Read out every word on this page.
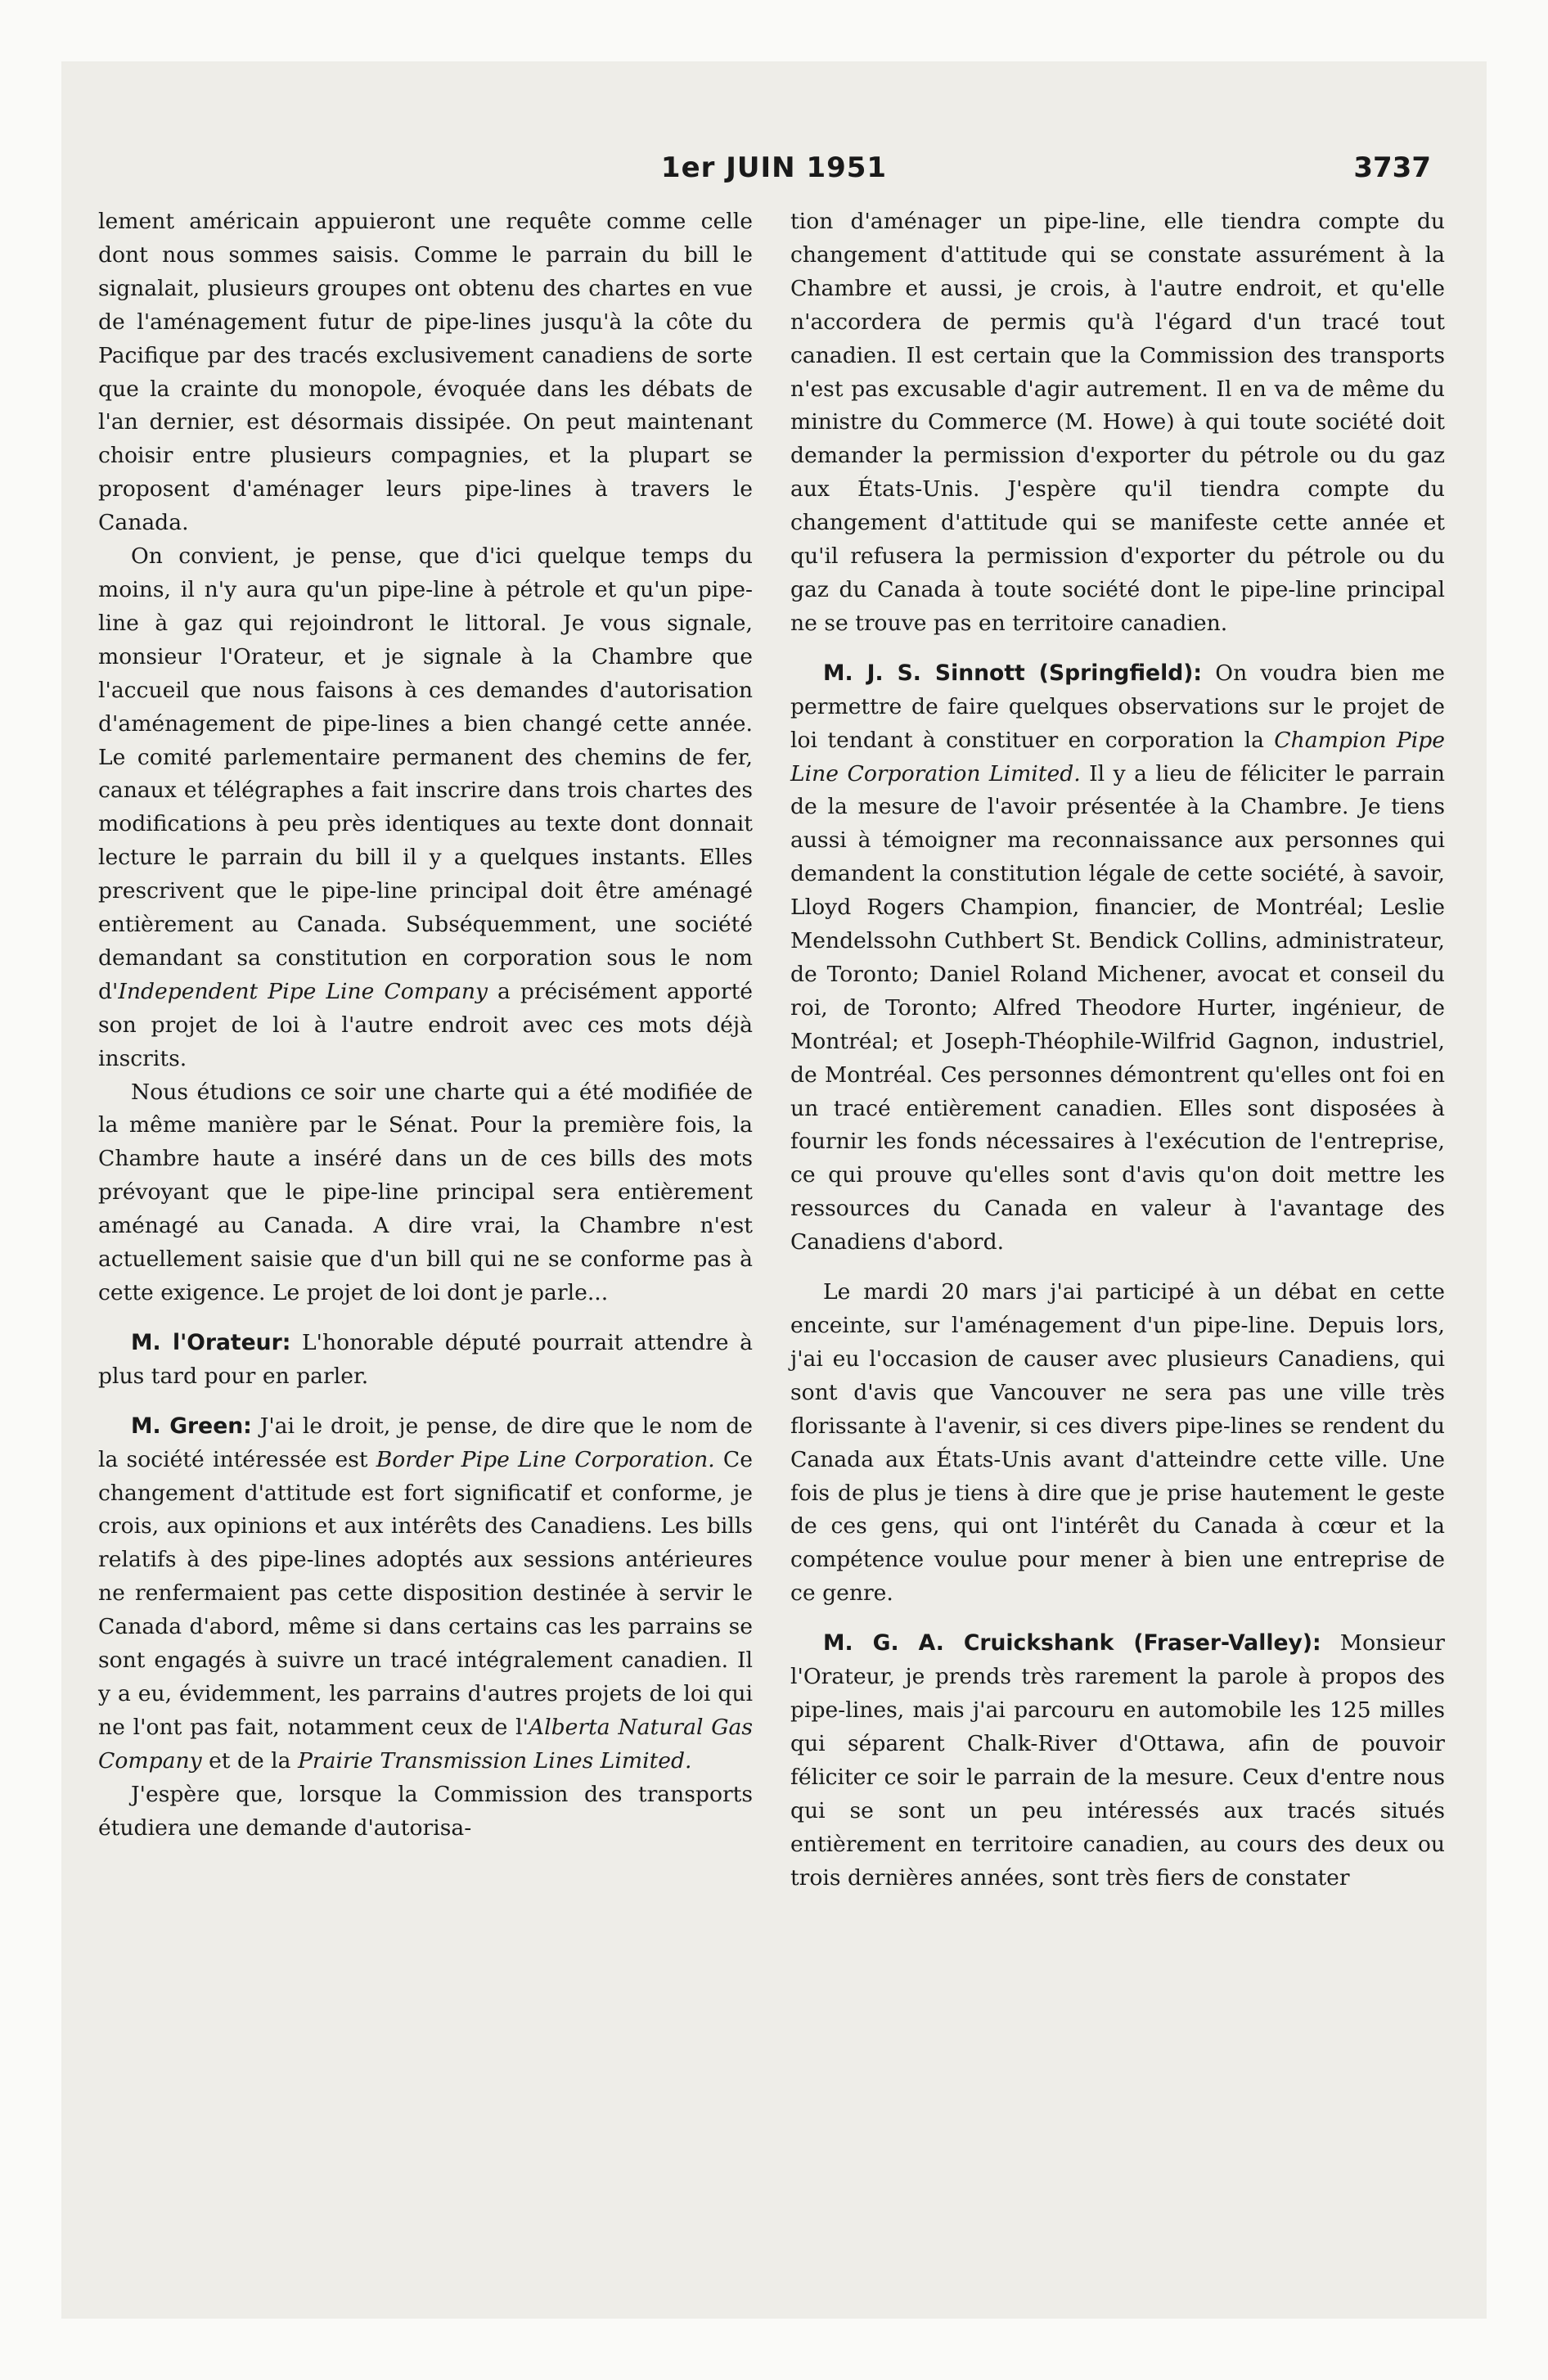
1er JUIN 1951	3737

lement américain appuieront une requête comme celle dont nous sommes saisis. Comme le parrain du bill le signalait, plusieurs groupes ont obtenu des chartes en vue de l'aménagement futur de pipe-lines jusqu'à la côte du Pacifique par des tracés exclusivement canadiens de sorte que la crainte du monopole, évoquée dans les débats de l'an dernier, est désormais dissipée. On peut maintenant choisir entre plusieurs compagnies, et la plupart se proposent d'aménager leurs pipe-lines à travers le Canada.

On convient, je pense, que d'ici quelque temps du moins, il n'y aura qu'un pipe-line à pétrole et qu'un pipe-line à gaz qui rejoindront le littoral. Je vous signale, monsieur l'Orateur, et je signale à la Chambre que l'accueil que nous faisons à ces demandes d'autorisation d'aménagement de pipe-lines a bien changé cette année. Le comité parlementaire permanent des chemins de fer, canaux et télégraphes a fait inscrire dans trois chartes des modifications à peu près identiques au texte dont donnait lecture le parrain du bill il y a quelques instants. Elles prescrivent que le pipe-line principal doit être aménagé entièrement au Canada. Subséquemment, une société demandant sa constitution en corporation sous le nom d'Independent Pipe Line Company a précisément apporté son projet de loi à l'autre endroit avec ces mots déjà inscrits.

Nous étudions ce soir une charte qui a été modifiée de la même manière par le Sénat. Pour la première fois, la Chambre haute a inséré dans un de ces bills des mots prévoyant que le pipe-line principal sera entièrement aménagé au Canada. A dire vrai, la Chambre n'est actuellement saisie que d'un bill qui ne se conforme pas à cette exigence. Le projet de loi dont je parle...

M. l'Orateur: L'honorable député pourrait attendre à plus tard pour en parler.

M. Green: J'ai le droit, je pense, de dire que le nom de la société intéressée est Border Pipe Line Corporation. Ce changement d'attitude est fort significatif et conforme, je crois, aux opinions et aux intérêts des Canadiens. Les bills relatifs à des pipe-lines adoptés aux sessions antérieures ne renfermaient pas cette disposition destinée à servir le Canada d'abord, même si dans certains cas les parrains se sont engagés à suivre un tracé intégralement canadien. Il y a eu, évidemment, les parrains d'autres projets de loi qui ne l'ont pas fait, notamment ceux de l'Alberta Natural Gas Company et de la Prairie Transmission Lines Limited.

J'espère que, lorsque la Commission des transports étudiera une demande d'autorisa-

tion d'aménager un pipe-line, elle tiendra compte du changement d'attitude qui se constate assurément à la Chambre et aussi, je crois, à l'autre endroit, et qu'elle n'accordera de permis qu'à l'égard d'un tracé tout canadien. Il est certain que la Commission des transports n'est pas excusable d'agir autrement. Il en va de même du ministre du Commerce (M. Howe) à qui toute société doit demander la permission d'exporter du pétrole ou du gaz aux États-Unis. J'espère qu'il tiendra compte du changement d'attitude qui se manifeste cette année et qu'il refusera la permission d'exporter du pétrole ou du gaz du Canada à toute société dont le pipe-line principal ne se trouve pas en territoire canadien.

M. J. S. Sinnott (Springfield): On voudra bien me permettre de faire quelques observations sur le projet de loi tendant à constituer en corporation la Champion Pipe Line Corporation Limited. Il y a lieu de féliciter le parrain de la mesure de l'avoir présentée à la Chambre. Je tiens aussi à témoigner ma reconnaissance aux personnes qui demandent la constitution légale de cette société, à savoir, Lloyd Rogers Champion, financier, de Montréal; Leslie Mendelssohn Cuthbert St. Bendick Collins, administrateur, de Toronto; Daniel Roland Michener, avocat et conseil du roi, de Toronto; Alfred Theodore Hurter, ingénieur, de Montréal; et Joseph-Théophile-Wilfrid Gagnon, industriel, de Montréal. Ces personnes démontrent qu'elles ont foi en un tracé entièrement canadien. Elles sont disposées à fournir les fonds nécessaires à l'exécution de l'entreprise, ce qui prouve qu'elles sont d'avis qu'on doit mettre les ressources du Canada en valeur à l'avantage des Canadiens d'abord.

Le mardi 20 mars j'ai participé à un débat en cette enceinte, sur l'aménagement d'un pipe-line. Depuis lors, j'ai eu l'occasion de causer avec plusieurs Canadiens, qui sont d'avis que Vancouver ne sera pas une ville très florissante à l'avenir, si ces divers pipe-lines se rendent du Canada aux États-Unis avant d'atteindre cette ville. Une fois de plus je tiens à dire que je prise hautement le geste de ces gens, qui ont l'intérêt du Canada à cœur et la compétence voulue pour mener à bien une entreprise de ce genre.

M. G. A. Cruickshank (Fraser-Valley): Monsieur l'Orateur, je prends très rarement la parole à propos des pipe-lines, mais j'ai parcouru en automobile les 125 milles qui séparent Chalk-River d'Ottawa, afin de pouvoir féliciter ce soir le parrain de la mesure. Ceux d'entre nous qui se sont un peu intéressés aux tracés situés entièrement en territoire canadien, au cours des deux ou trois dernières années, sont très fiers de constater
